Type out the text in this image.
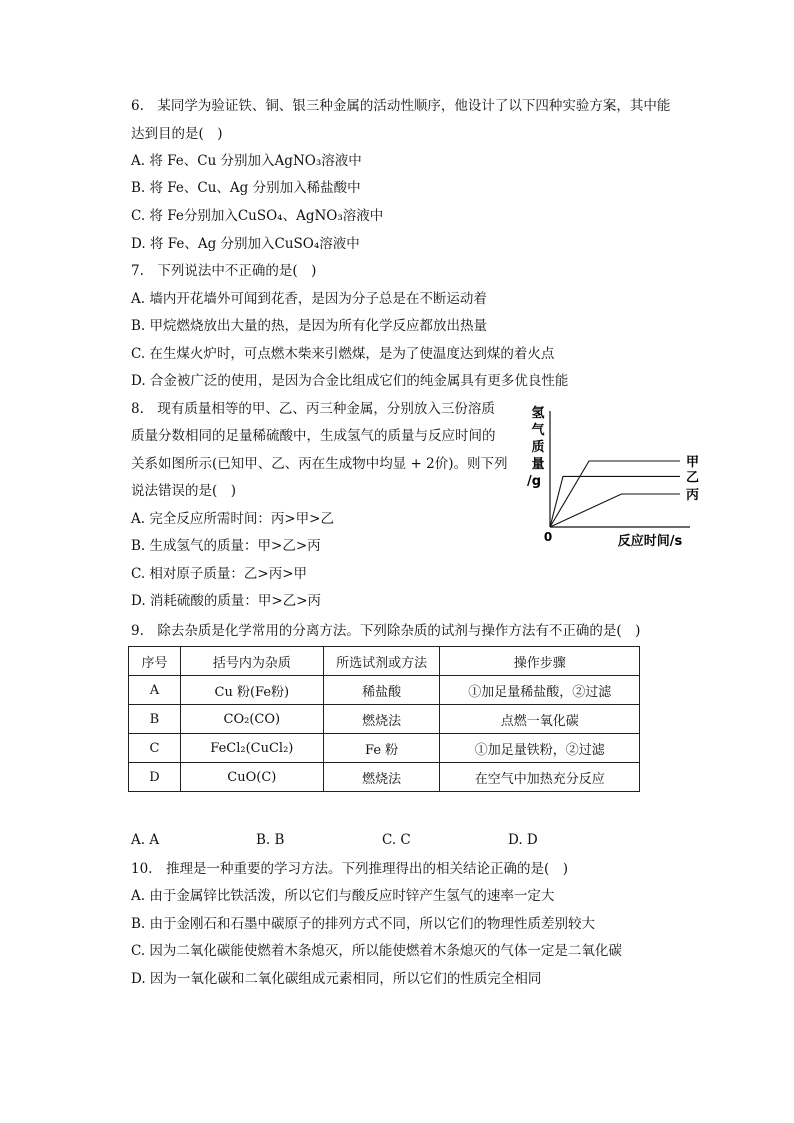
6.　某同学为验证铁、铜、银三种金属的活动性顺序，他设计了以下四种实验方案，其中能
达到目的是(　)
A. 将 Fe、Cu 分别加入AgNO₃溶液中
B. 将 Fe、Cu、Ag 分别加入稀盐酸中
C. 将 Fe分别加入CuSO₄、AgNO₃溶液中
D. 将 Fe、Ag 分别加入CuSO₄溶液中
7.　下列说法中不正确的是(　)
A. 墙内开花墙外可闻到花香，是因为分子总是在不断运动着
B. 甲烷燃烧放出大量的热，是因为所有化学反应都放出热量
C. 在生煤火炉时，可点燃木柴来引燃煤，是为了使温度达到煤的着火点
D. 合金被广泛的使用，是因为合金比组成它们的纯金属具有更多优良性能
8.　现有质量相等的甲、乙、丙三种金属，分别放入三份溶质
质量分数相同的足量稀硫酸中，生成氢气的质量与反应时间的
关系如图所示(已知甲、乙、丙在生成物中均显 + 2价)。则下列
说法错误的是(　)
A. 完全反应所需时间：丙>甲>乙
B. 生成氢气的质量：甲>乙>丙
C. 相对原子质量：乙>丙>甲
D. 消耗硫酸的质量：甲>乙>丙
氢
气
质
量
/g
0	反应时间/s
甲
乙
丙
9.　除去杂质是化学常用的分离方法。下列除杂质的试剂与操作方法有不正确的是(　)
序号	括号内为杂质	所选试剂或方法	操作步骤
A	Cu 粉(Fe粉)	稀盐酸	①加足量稀盐酸，②过滤
B	CO₂(CO)	燃烧法	点燃一氧化碳
C	FeCl₂(CuCl₂)	Fe 粉	①加足量铁粉，②过滤
D	CuO(C)	燃烧法	在空气中加热充分反应
A. A	B. B	C. C	D. D
10.　推理是一种重要的学习方法。下列推理得出的相关结论正确的是(　)
A. 由于金属锌比铁活泼，所以它们与酸反应时锌产生氢气的速率一定大
B. 由于金刚石和石墨中碳原子的排列方式不同，所以它们的物理性质差别较大
C. 因为二氧化碳能使燃着木条熄灭，所以能使燃着木条熄灭的气体一定是二氧化碳
D. 因为一氧化碳和二氧化碳组成元素相同，所以它们的性质完全相同
